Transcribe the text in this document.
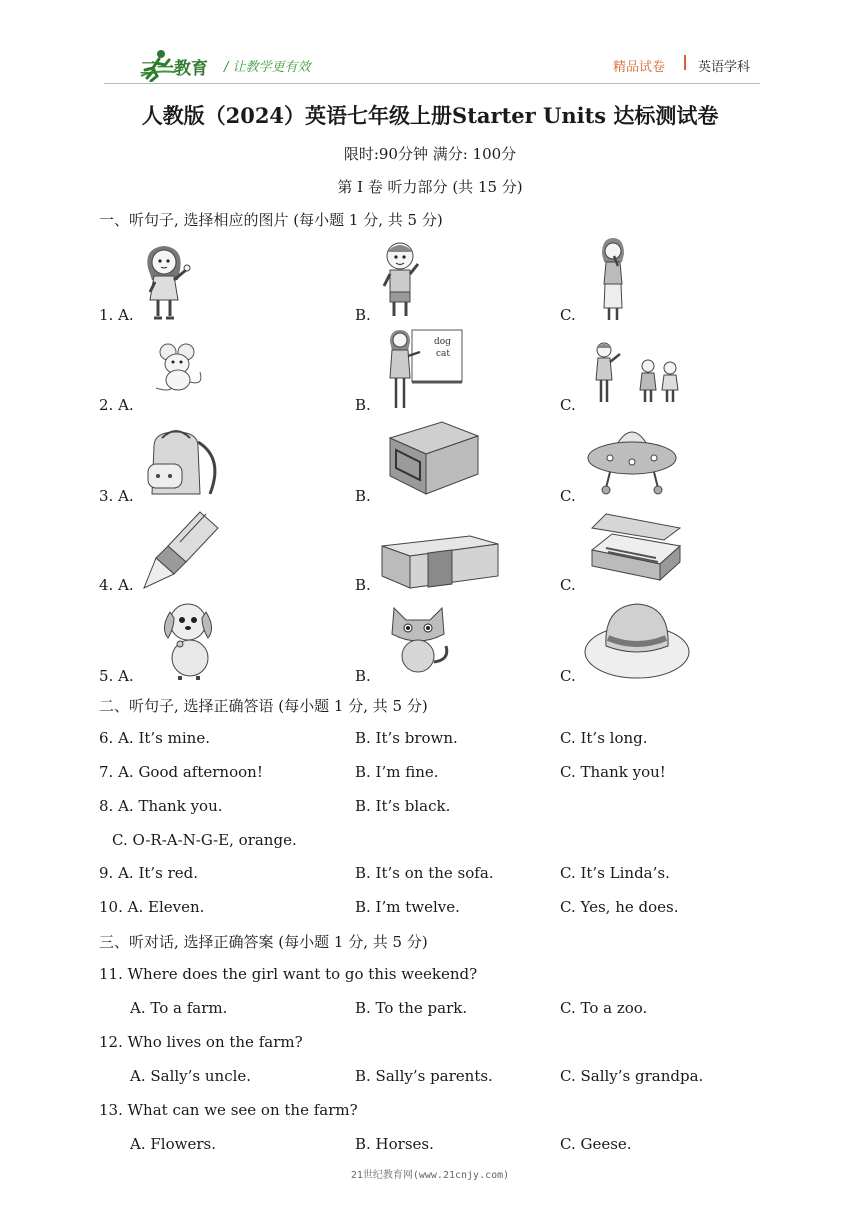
二一教育 / 让教学更有效	精品试卷	英语学科
人教版（2024）英语七年级上册Starter Units 达标测试卷
限时:90分钟 满分: 100分
第 I 卷 听力部分 (共 15 分)
一、听句子, 选择相应的图片 (每小题 1 分, 共 5 分)
1. A.	B.	C.
dog
cat
2. A.	B.	C.
3. A.	B.	C.
4. A.	B.	C.
5. A.	B.	C.
二、听句子, 选择正确答语 (每小题 1 分, 共 5 分)
6. A. It’s mine.	B. It’s brown.	C. It’s long.
7. A. Good afternoon!	B. I’m fine.	C. Thank you!
8. A. Thank you.	B. It’s black.
C. O-R-A-N-G-E, orange.
9. A. It’s red.	B. It’s on the sofa.	C. It’s Linda’s.
10. A. Eleven.	B. I’m twelve.	C. Yes, he does.
三、听对话, 选择正确答案 (每小题 1 分, 共 5 分)
11. Where does the girl want to go this weekend?
A. To a farm.	B. To the park.	C. To a zoo.
12. Who lives on the farm?
A. Sally’s uncle.	B. Sally’s parents.	C. Sally’s grandpa.
13. What can we see on the farm?
A. Flowers.	B. Horses.	C. Geese.
21世纪教育网(www.21cnjy.com)
